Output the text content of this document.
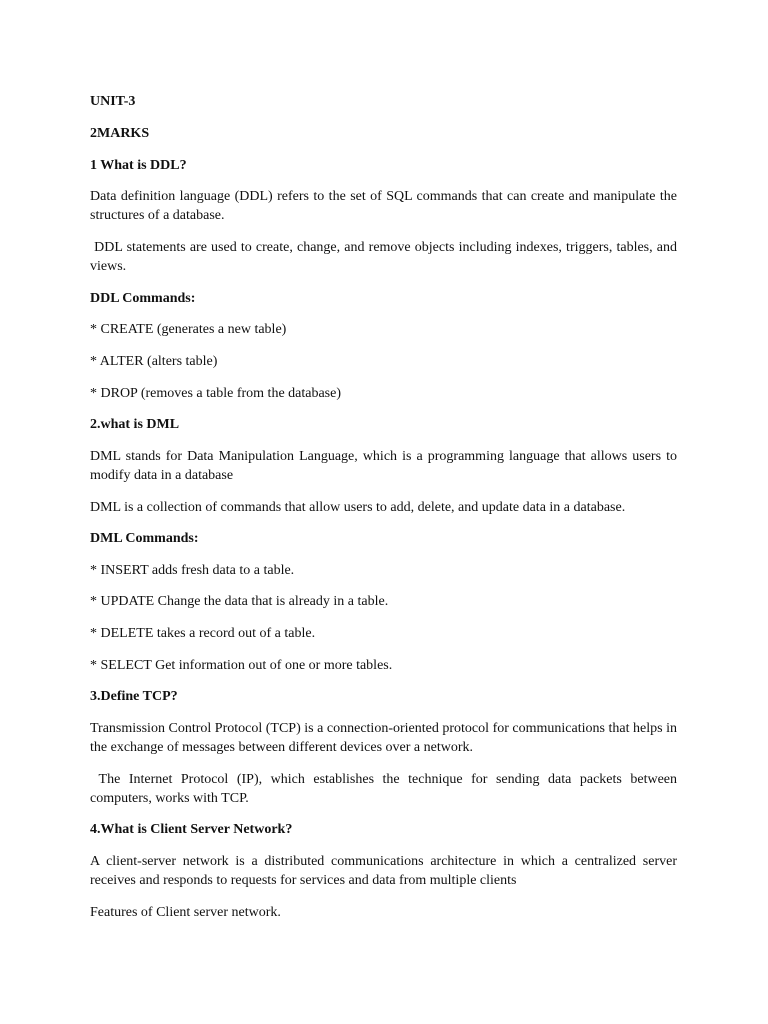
UNIT-3

2MARKS

1 What is DDL?

Data definition language (DDL) refers to the set of SQL commands that can create and manipulate the structures of a database.

DDL statements are used to create, change, and remove objects including indexes, triggers, tables, and views.

DDL Commands:

* CREATE (generates a new table)

* ALTER (alters table)

* DROP (removes a table from the database)

2.what is DML

DML stands for Data Manipulation Language, which is a programming language that allows users to modify data in a database

DML is a collection of commands that allow users to add, delete, and update data in a database.

DML Commands:

* INSERT adds fresh data to a table.

* UPDATE Change the data that is already in a table.

* DELETE takes a record out of a table.

* SELECT Get information out of one or more tables.

3.Define TCP?

Transmission Control Protocol (TCP) is a connection-oriented protocol for communications that helps in the exchange of messages between different devices over a network.

The Internet Protocol (IP), which establishes the technique for sending data packets between computers, works with TCP.

4.What is Client Server Network?

A client-server network is a distributed communications architecture in which a centralized server receives and responds to requests for services and data from multiple clients

Features of Client server network.
